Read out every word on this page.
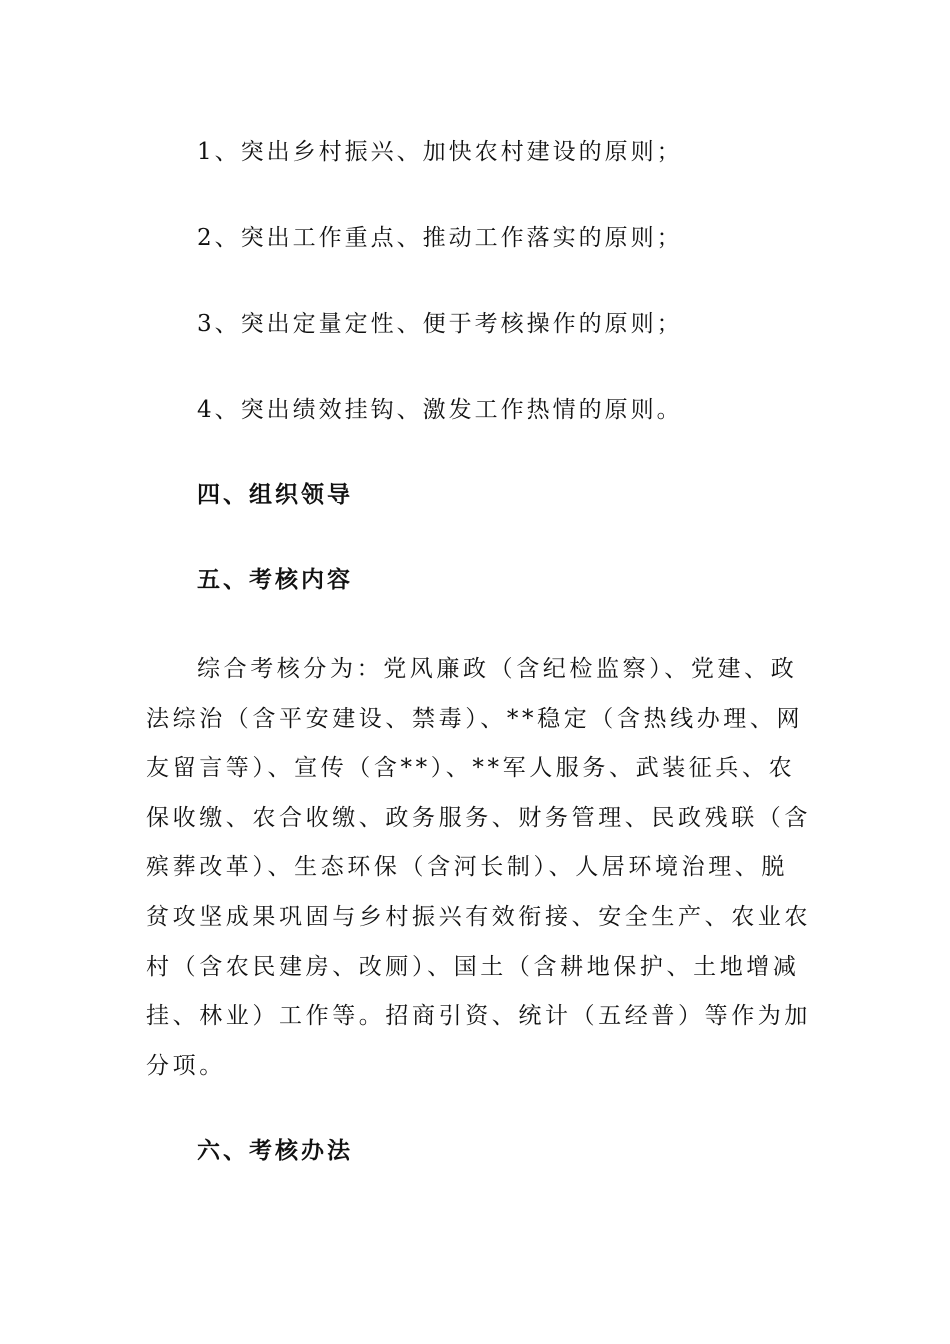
1、突出乡村振兴、加快农村建设的原则；
2、突出工作重点、推动工作落实的原则；
3、突出定量定性、便于考核操作的原则；
4、突出绩效挂钩、激发工作热情的原则。
四、组织领导
五、考核内容
综合考核分为：党风廉政（含纪检监察）、党建、政
法综治（含平安建设、禁毒）、**稳定（含热线办理、网
友留言等）、宣传（含**）、**军人服务、武装征兵、农
保收缴、农合收缴、政务服务、财务管理、民政残联（含
殡葬改革）、生态环保（含河长制）、人居环境治理、脱
贫攻坚成果巩固与乡村振兴有效衔接、安全生产、农业农
村（含农民建房、改厕）、国土（含耕地保护、土地增减
挂、林业）工作等。招商引资、统计（五经普）等作为加
分项。
六、考核办法
